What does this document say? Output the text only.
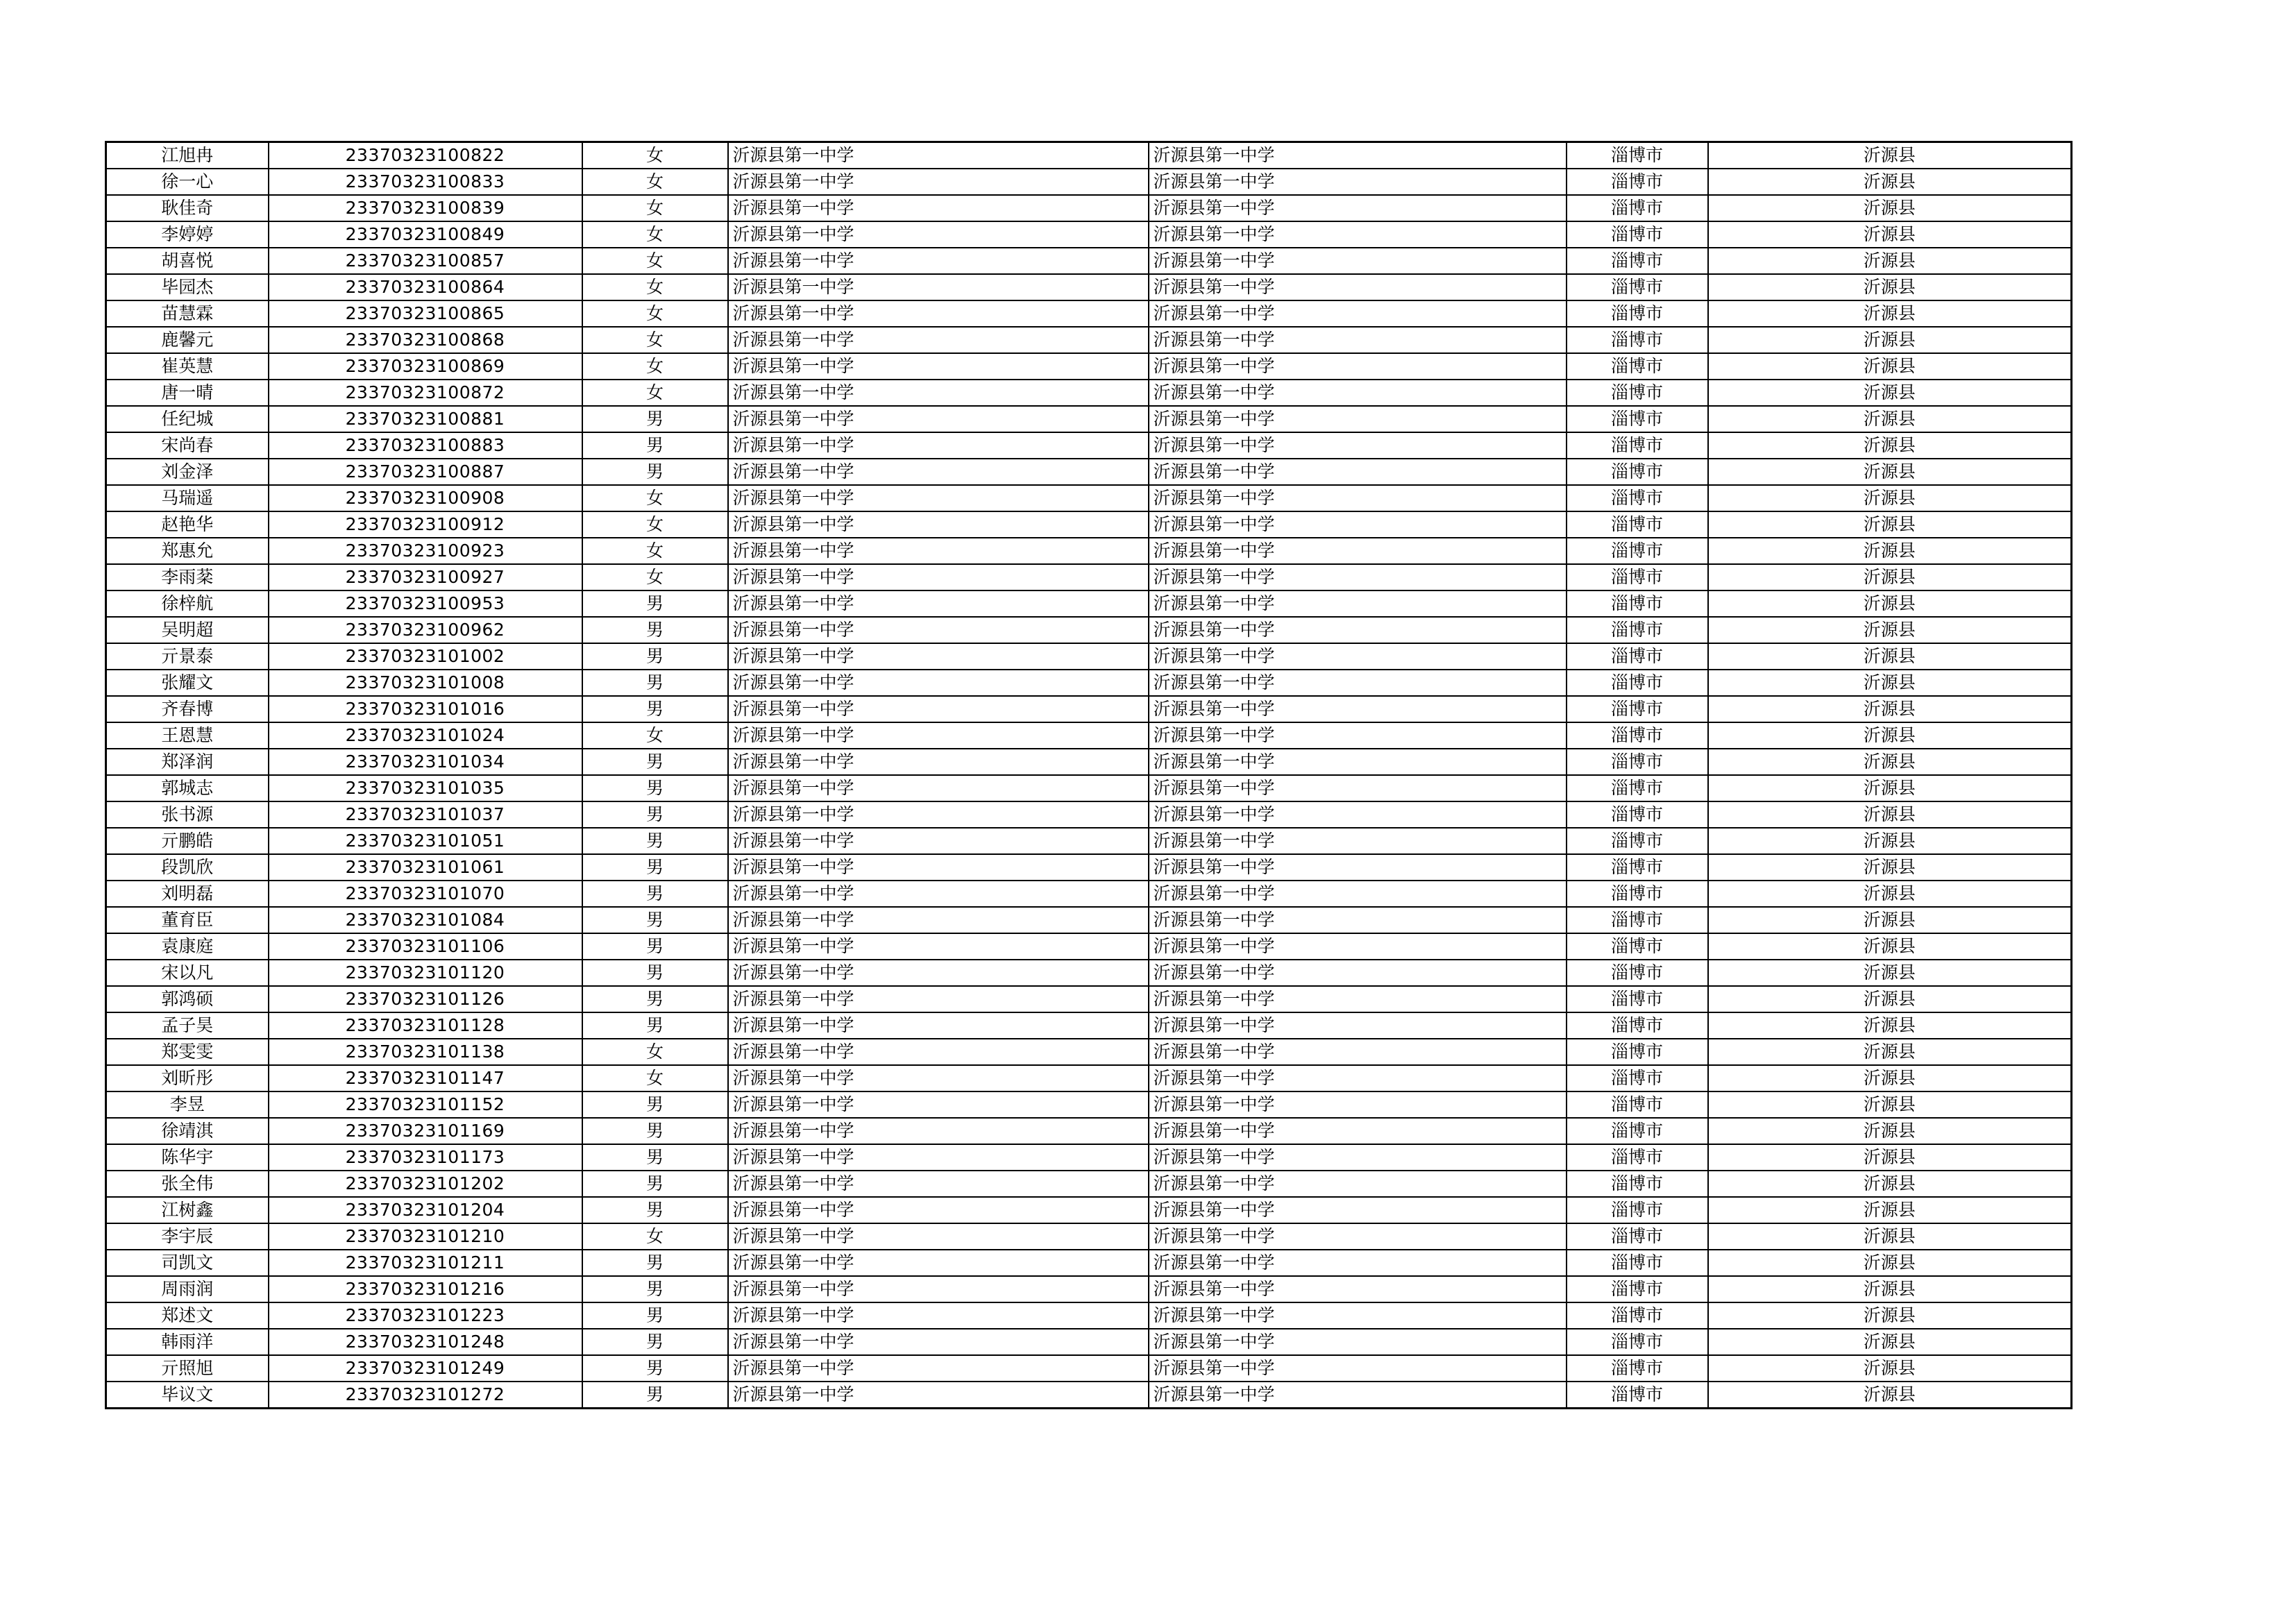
江旭冉	23370323100822	女	沂源县第一中学	沂源县第一中学	淄博市	沂源县
徐一心	23370323100833	女	沂源县第一中学	沂源县第一中学	淄博市	沂源县
耿佳奇	23370323100839	女	沂源县第一中学	沂源县第一中学	淄博市	沂源县
李婷婷	23370323100849	女	沂源县第一中学	沂源县第一中学	淄博市	沂源县
胡喜悦	23370323100857	女	沂源县第一中学	沂源县第一中学	淄博市	沂源县
毕园杰	23370323100864	女	沂源县第一中学	沂源县第一中学	淄博市	沂源县
苗慧霖	23370323100865	女	沂源县第一中学	沂源县第一中学	淄博市	沂源县
鹿馨元	23370323100868	女	沂源县第一中学	沂源县第一中学	淄博市	沂源县
崔英慧	23370323100869	女	沂源县第一中学	沂源县第一中学	淄博市	沂源县
唐一晴	23370323100872	女	沂源县第一中学	沂源县第一中学	淄博市	沂源县
任纪城	23370323100881	男	沂源县第一中学	沂源县第一中学	淄博市	沂源县
宋尚春	23370323100883	男	沂源县第一中学	沂源县第一中学	淄博市	沂源县
刘金泽	23370323100887	男	沂源县第一中学	沂源县第一中学	淄博市	沂源县
马瑞遥	23370323100908	女	沂源县第一中学	沂源县第一中学	淄博市	沂源县
赵艳华	23370323100912	女	沂源县第一中学	沂源县第一中学	淄博市	沂源县
郑惠允	23370323100923	女	沂源县第一中学	沂源县第一中学	淄博市	沂源县
李雨棻	23370323100927	女	沂源县第一中学	沂源县第一中学	淄博市	沂源县
徐梓航	23370323100953	男	沂源县第一中学	沂源县第一中学	淄博市	沂源县
吴明超	23370323100962	男	沂源县第一中学	沂源县第一中学	淄博市	沂源县
亓景泰	23370323101002	男	沂源县第一中学	沂源县第一中学	淄博市	沂源县
张耀文	23370323101008	男	沂源县第一中学	沂源县第一中学	淄博市	沂源县
齐春博	23370323101016	男	沂源县第一中学	沂源县第一中学	淄博市	沂源县
王恩慧	23370323101024	女	沂源县第一中学	沂源县第一中学	淄博市	沂源县
郑泽润	23370323101034	男	沂源县第一中学	沂源县第一中学	淄博市	沂源县
郭城志	23370323101035	男	沂源县第一中学	沂源县第一中学	淄博市	沂源县
张书源	23370323101037	男	沂源县第一中学	沂源县第一中学	淄博市	沂源县
亓鹏皓	23370323101051	男	沂源县第一中学	沂源县第一中学	淄博市	沂源县
段凯欣	23370323101061	男	沂源县第一中学	沂源县第一中学	淄博市	沂源县
刘明磊	23370323101070	男	沂源县第一中学	沂源县第一中学	淄博市	沂源县
董育臣	23370323101084	男	沂源县第一中学	沂源县第一中学	淄博市	沂源县
袁康庭	23370323101106	男	沂源县第一中学	沂源县第一中学	淄博市	沂源县
宋以凡	23370323101120	男	沂源县第一中学	沂源县第一中学	淄博市	沂源县
郭鸿硕	23370323101126	男	沂源县第一中学	沂源县第一中学	淄博市	沂源县
孟子昊	23370323101128	男	沂源县第一中学	沂源县第一中学	淄博市	沂源县
郑雯雯	23370323101138	女	沂源县第一中学	沂源县第一中学	淄博市	沂源县
刘昕彤	23370323101147	女	沂源县第一中学	沂源县第一中学	淄博市	沂源县
李昱	23370323101152	男	沂源县第一中学	沂源县第一中学	淄博市	沂源县
徐靖淇	23370323101169	男	沂源县第一中学	沂源县第一中学	淄博市	沂源县
陈华宇	23370323101173	男	沂源县第一中学	沂源县第一中学	淄博市	沂源县
张全伟	23370323101202	男	沂源县第一中学	沂源县第一中学	淄博市	沂源县
江树鑫	23370323101204	男	沂源县第一中学	沂源县第一中学	淄博市	沂源县
李宇辰	23370323101210	女	沂源县第一中学	沂源县第一中学	淄博市	沂源县
司凯文	23370323101211	男	沂源县第一中学	沂源县第一中学	淄博市	沂源县
周雨润	23370323101216	男	沂源县第一中学	沂源县第一中学	淄博市	沂源县
郑述文	23370323101223	男	沂源县第一中学	沂源县第一中学	淄博市	沂源县
韩雨洋	23370323101248	男	沂源县第一中学	沂源县第一中学	淄博市	沂源县
亓照旭	23370323101249	男	沂源县第一中学	沂源县第一中学	淄博市	沂源县
毕议文	23370323101272	男	沂源县第一中学	沂源县第一中学	淄博市	沂源县
